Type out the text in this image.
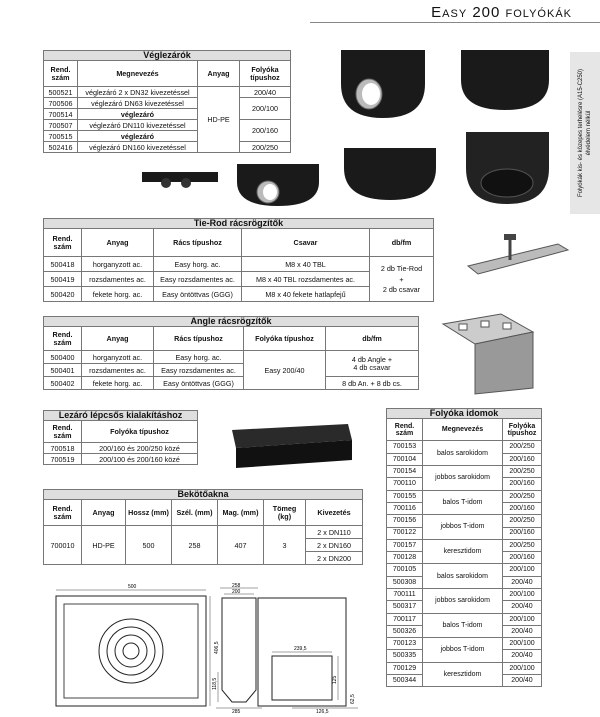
Easy 200 folyókák
Folyókák kis- és közepes terhelésre (A15-C250) élvédelem nélkül
Véglezárók			
Rend. szám	Megnevezés	Anyag	Folyóka típushoz
500521	véglezáró 2 x DN32 kivezetéssel	HD-PE	200/40
700506	véglezáró DN63 kivezetéssel		200/100
700514	véglezáró		
700507	véglezáró DN110 kivezetéssel		200/160
700515	véglezáró		
502416	véglezáró DN160 kivezetéssel		200/250
Tie-Rod rácsrögzítők				
Rend. szám	Anyag	Rács típushoz	Csavar	db/fm
500418	horganyzott ac.	Easy horg. ac.	M8 x 40 TBL	2 db Tie-Rod
+
2 db csavar

500419	rozsdamentes ac.	Easy rozsdamentes ac.	M8 x 40 TBL rozsdamentes ac.	
500420	fekete horg. ac.	Easy öntöttvas (GGG)	M8 x 40 fekete hatlapfejű	
Angle rácsrögzítők				
Rend. szám	Anyag	Rács típushoz	Folyóka típushoz	db/fm
500400	horganyzott ac.	Easy horg. ac.	Easy 200/40	4 db Angle +
4 db csavar

500401	rozsdamentes ac.	Easy rozsdamentes ac.		
500402	fekete horg. ac.	Easy öntöttvas (GGG)		8 db An. + 8 db cs.
Lezáró lépcsős kialakításhoz	
Rend. szám	Folyóka típushoz
700518	200/160 és 200/250 közé
700519	200/100 és 200/160 közé
Bekötőakna						
Rend. szám	Anyag	Hossz (mm)	Szél. (mm)	Mag. (mm)	Tömeg (kg)	Kivezetés
700010	HD-PE	500	258	407	3	2 x DN110
						2 x DN160
						2 x DN200
500
406,5
258
200
118,5
285
239,5
125
126,5
62,5
Folyóka idomok		
Rend. szám	Megnevezés	Folyóka típushoz
700153	balos sarokidom	200/250
700104		200/160
700154	jobbos sarokidom	200/250
700110		200/160
700155	balos T-idom	200/250
700116		200/160
700156	jobbos T-idom	200/250
700122		200/160
700157	keresztidom	200/250
700128		200/160
700105	balos sarokidom	200/100
500308		200/40
700111	jobbos sarokidom	200/100
500317		200/40
700117	balos T-idom	200/100
500326		200/40
700123	jobbos T-idom	200/100
500335		200/40
700129	keresztidom	200/100
500344		200/40
